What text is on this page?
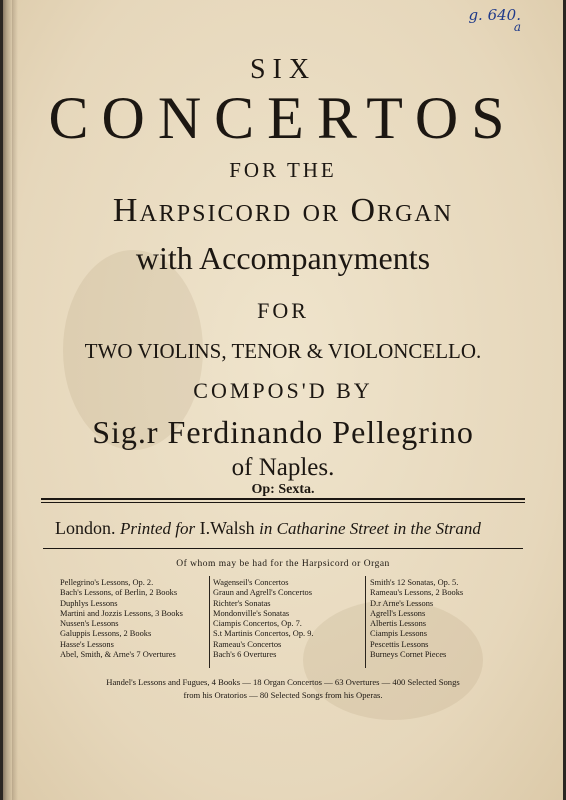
g. 640.
a
SIX
CONCERTOS
FOR THE
Harpsicord or Organ
with Accompanyments
FOR
TWO VIOLINS, TENOR & VIOLONCELLO.
COMPOS'D BY
Sig.r Ferdinando Pellegrino
of Naples.
Op: Sexta.
London. Printed for I.Walsh in Catharine Street in the Strand
Of whom may be had for the Harpsicord or Organ
Pellegrino's Lessons, Op. 2.
Bach's Lessons, of Berlin, 2 Books
Duphlys Lessons
Martini and Jozzis Lessons, 3 Books
Nussen's Lessons
Galuppis Lessons, 2 Books
Hasse's Lessons
Abel, Smith, & Arne's 7 Overtures
Wagenseil's Concertos
Graun and Agrell's Concertos
Richter's Sonatas
Mondonville's Sonatas
Ciampis Concertos, Op. 7.
S.t Martinis Concertos, Op. 9.
Rameau's Concertos
Bach's 6 Overtures
Smith's 12 Sonatas, Op. 5.
Rameau's Lessons, 2 Books
D.r Arne's Lessons
Agrell's Lessons
Albertis Lessons
Ciampis Lessons
Pescettis Lessons
Burneys Cornet Pieces
Handel's Lessons and Fugues, 4 Books — 18 Organ Concertos — 63 Overtures — 400 Selected Songs
from his Oratorios — 80 Selected Songs from his Operas.
